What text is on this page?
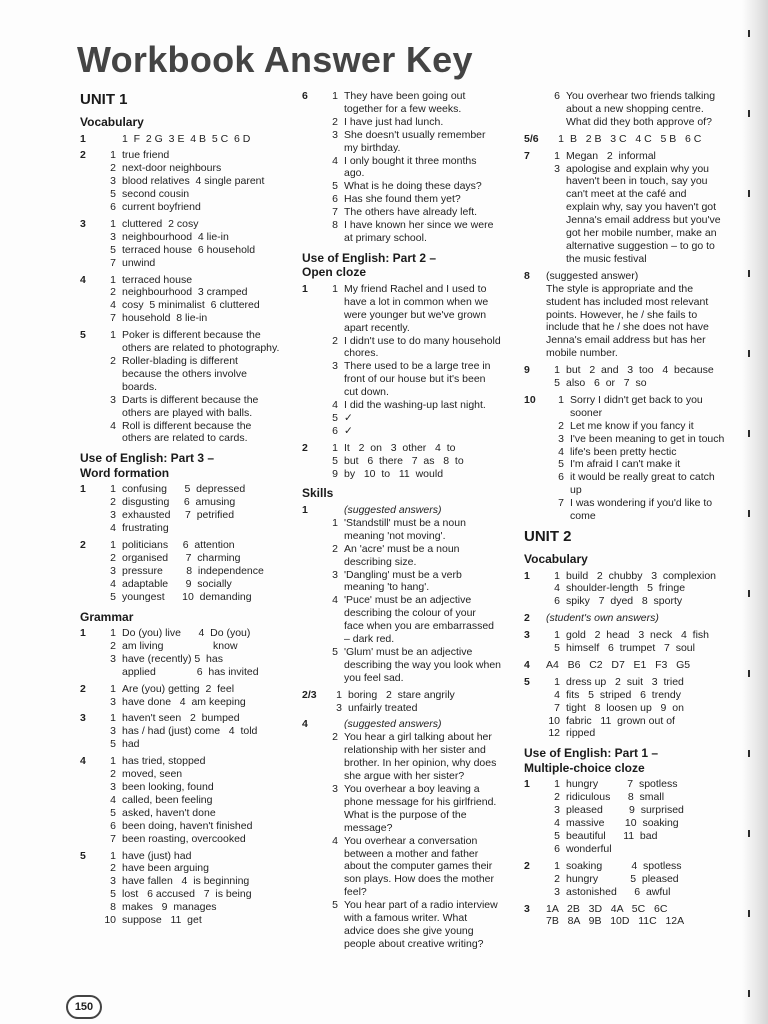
Workbook Answer Key
UNIT 1
Vocabulary
1	1  F  2 G  3 E  4 B  5 C  6 D
2	1 true friend
2 next-door neighbours
3 blood relatives  4 single parent
5 second cousin
6 current boyfriend
3	1 cluttered  2 cosy
3 neighbourhood  4 lie-in
5 terraced house  6 household
7 unwind
4	1 terraced house
2 neighbourhood  3 cramped
4 cosy  5 minimalist  6 cluttered
7 household  8 lie-in
5	1 Poker is different because the
others are related to photography.
2 Roller-blading is different
because the others involve
boards.
3 Darts is different because the
others are played with balls.
4 Roll is different because the
others are related to cards.
Use of English: Part 3 –
Word formation
1	1 confusing      5  depressed
2 disgusting     6  amusing
3 exhausted     7  petrified
4 frustrating
2	1 politicians     6  attention
2 organised      7  charming
3 pressure        8  independence
4 adaptable      9  socially
5 youngest      10  demanding
Grammar
1	1 Do (you) live      4  Do (you)
2 am living                 know
3 have (recently) 5  has
applied              6  has invited
2	1 Are (you) getting  2  feel
3 have done   4  am keeping
3	1 haven't seen   2  bumped
3 has / had (just) come   4  told
5 had
4	1 has tried, stopped
2 moved, seen
3 been looking, found
4 called, been feeling
5 asked, haven't done
6 been doing, haven't finished
7 been roasting, overcooked
5	1 have (just) had
2 have been arguing
3 have fallen   4  is beginning
5 lost   6 accused   7  is being
8 makes   9  manages
10 suppose   11  get
6	1 They have been going out
together for a few weeks.
2 I have just had lunch.
3 She doesn't usually remember
my birthday.
4 I only bought it three months
ago.
5 What is he doing these days?
6 Has she found them yet?
7 The others have already left.
8 I have known her since we were
at primary school.
Use of English: Part 2 –
Open cloze
1	1 My friend Rachel and I used to
have a lot in common when we
were younger but we've grown
apart recently.
2 I didn't use to do many household
chores.
3 There used to be a large tree in
front of our house but it's been
cut down.
4 I did the washing-up last night.
5 ✓
6 ✓
2	1 It   2  on   3  other   4  to
5 but   6  there   7  as   8  to
9 by   10  to   11  would
Skills
1	(suggested answers)
1 'Standstill' must be a noun
meaning 'not moving'.
2 An 'acre' must be a noun
describing size.
3 'Dangling' must be a verb
meaning 'to hang'.
4 'Puce' must be an adjective
describing the colour of your
face when you are embarrassed
– dark red.
5 'Glum' must be an adjective
describing the way you look when
you feel sad.
2/3	1 boring   2  stare angrily
3 unfairly treated
4	(suggested answers)
2 You hear a girl talking about her
relationship with her sister and
brother. In her opinion, why does
she argue with her sister?
3 You overhear a boy leaving a
phone message for his girlfriend.
What is the purpose of the
message?
4 You overhear a conversation
between a mother and father
about the computer games their
son plays. How does the mother
feel?
5 You hear part of a radio interview
with a famous writer. What
advice does she give young
people about creative writing?
6 You overhear two friends talking
about a new shopping centre.
What did they both approve of?
5/6	1 B   2 B   3 C   4 C   5 B   6 C
7	1 Megan   2  informal
3 apologise and explain why you
haven't been in touch, say you
can't meet at the café and
explain why, say you haven't got
Jenna's email address but you've
got her mobile number, make an
alternative suggestion – to go to
the music festival
8	(suggested answer)
The style is appropriate and the
student has included most relevant
points. However, he / she fails to
include that he / she does not have
Jenna's email address but has her
mobile number.
9	1 but   2  and   3  too   4  because
5 also   6  or   7  so
10	1 Sorry I didn't get back to you
sooner
2 Let me know if you fancy it
3 I've been meaning to get in touch
4 life's been pretty hectic
5 I'm afraid I can't make it
6 it would be really great to catch
up
7 I was wondering if you'd like to
come
UNIT 2
Vocabulary
1	1 build   2  chubby   3  complexion
4 shoulder-length   5  fringe
6 spiky   7  dyed   8  sporty
2	(student's own answers)
3	1 gold   2  head   3  neck   4  fish
5 himself   6  trumpet   7  soul
4	A4   B6   C2   D7   E1   F3   G5
5	1 dress up   2  suit   3  tried
4 fits   5  striped   6  trendy
7 tight   8  loosen up   9  on
10 fabric   11  grown out of
12 ripped
Use of English: Part 1 –
Multiple-choice cloze
1	1 hungry          7  spotless
2 ridiculous      8  small
3 pleased         9  surprised
4 massive       10  soaking
5 beautiful      11  bad
6 wonderful
2	1 soaking          4  spotless
2 hungry           5  pleased
3 astonished      6  awful
3	1A   2B   3D   4A   5C   6C
7B   8A   9B   10D   11C   12A
150
